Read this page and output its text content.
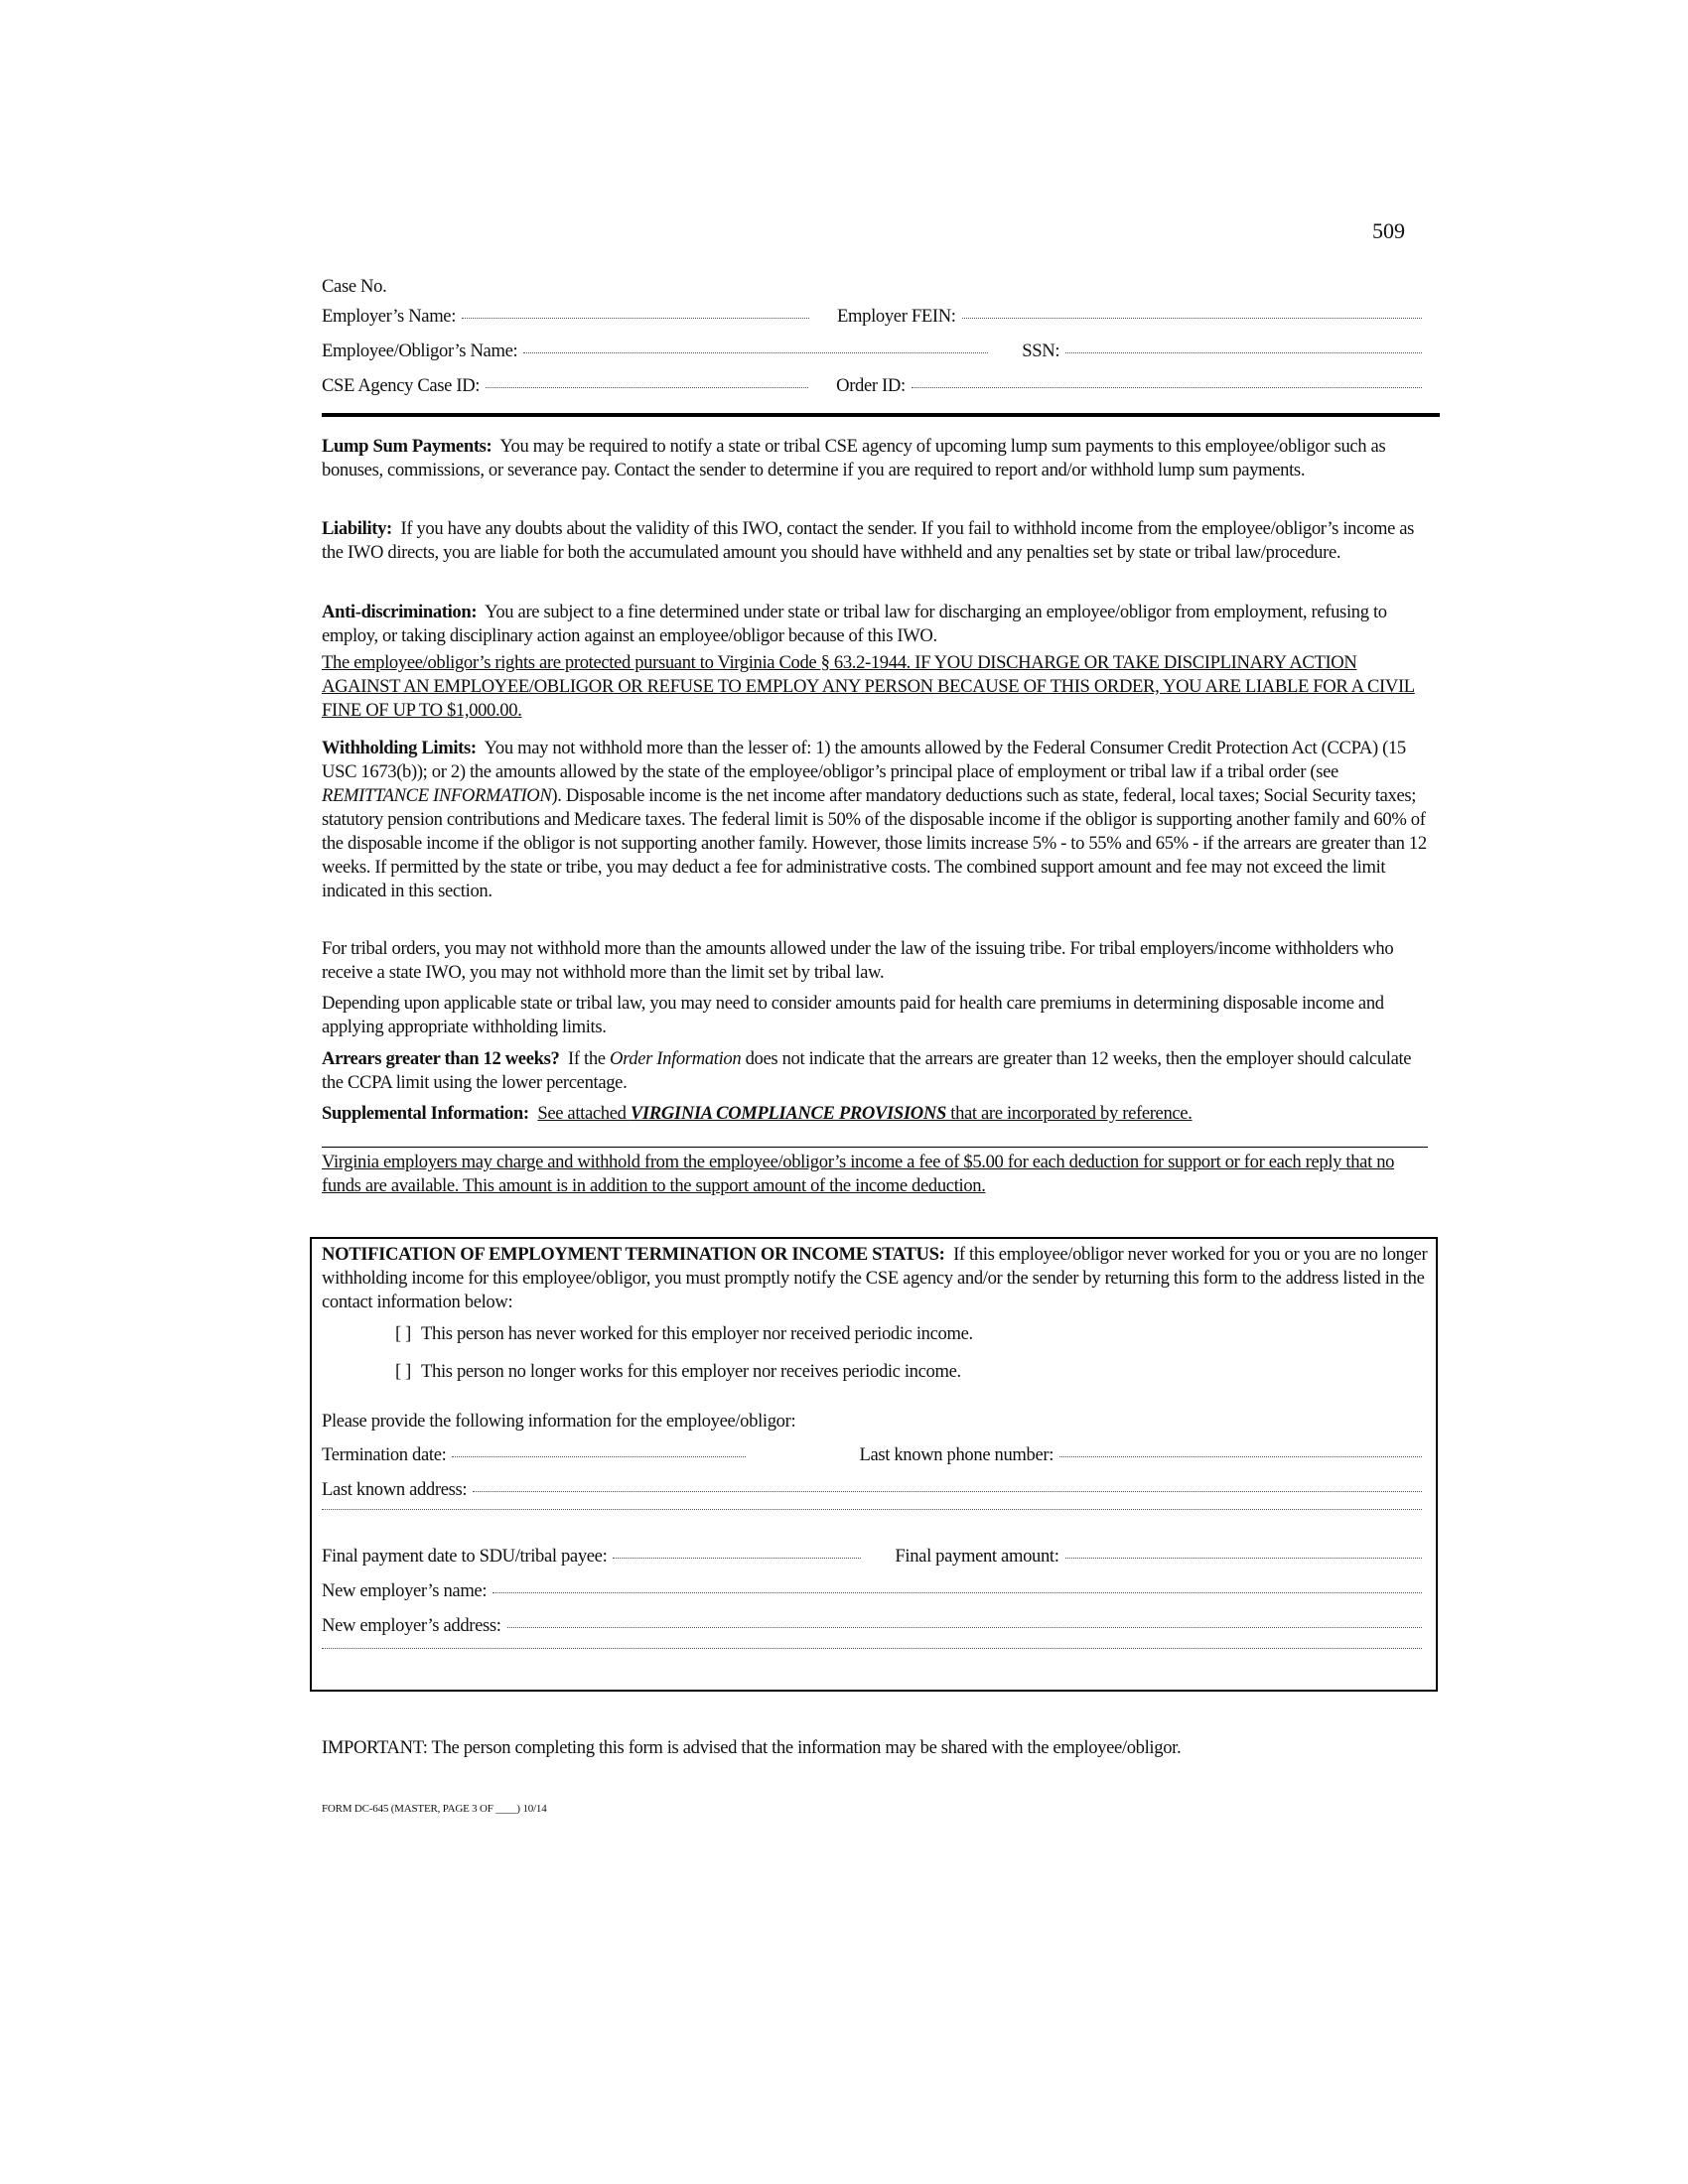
509
Case No.
Employer’s Name:	Employer FEIN:
Employee/Obligor’s Name:	SSN:
CSE Agency Case ID:	Order ID:
Lump Sum Payments: You may be required to notify a state or tribal CSE agency of upcoming lump sum payments to this employee/obligor such as bonuses, commissions, or severance pay. Contact the sender to determine if you are required to report and/or withhold lump sum payments.
Liability: If you have any doubts about the validity of this IWO, contact the sender. If you fail to withhold income from the employee/obligor’s income as the IWO directs, you are liable for both the accumulated amount you should have withheld and any penalties set by state or tribal law/procedure.
Anti-discrimination: You are subject to a fine determined under state or tribal law for discharging an employee/obligor from employment, refusing to employ, or taking disciplinary action against an employee/obligor because of this IWO.
The employee/obligor’s rights are protected pursuant to Virginia Code § 63.2-1944. IF YOU DISCHARGE OR TAKE DISCIPLINARY ACTION AGAINST AN EMPLOYEE/OBLIGOR OR REFUSE TO EMPLOY ANY PERSON BECAUSE OF THIS ORDER, YOU ARE LIABLE FOR A CIVIL FINE OF UP TO $1,000.00.
Withholding Limits: You may not withhold more than the lesser of: 1) the amounts allowed by the Federal Consumer Credit Protection Act (CCPA) (15 USC 1673(b)); or 2) the amounts allowed by the state of the employee/obligor’s principal place of employment or tribal law if a tribal order (see REMITTANCE INFORMATION). Disposable income is the net income after mandatory deductions such as state, federal, local taxes; Social Security taxes; statutory pension contributions and Medicare taxes. The federal limit is 50% of the disposable income if the obligor is supporting another family and 60% of the disposable income if the obligor is not supporting another family. However, those limits increase 5% - to 55% and 65% - if the arrears are greater than 12 weeks. If permitted by the state or tribe, you may deduct a fee for administrative costs. The combined support amount and fee may not exceed the limit indicated in this section.
For tribal orders, you may not withhold more than the amounts allowed under the law of the issuing tribe. For tribal employers/income withholders who receive a state IWO, you may not withhold more than the limit set by tribal law.
Depending upon applicable state or tribal law, you may need to consider amounts paid for health care premiums in determining disposable income and applying appropriate withholding limits.
Arrears greater than 12 weeks? If the Order Information does not indicate that the arrears are greater than 12 weeks, then the employer should calculate the CCPA limit using the lower percentage.
Supplemental Information: See attached VIRGINIA COMPLIANCE PROVISIONS that are incorporated by reference.
Virginia employers may charge and withhold from the employee/obligor’s income a fee of $5.00 for each deduction for support or for each reply that no funds are available. This amount is in addition to the support amount of the income deduction.
NOTIFICATION OF EMPLOYMENT TERMINATION OR INCOME STATUS: If this employee/obligor never worked for you or you are no longer withholding income for this employee/obligor, you must promptly notify the CSE agency and/or the sender by returning this form to the address listed in the contact information below:
[ ] This person has never worked for this employer nor received periodic income.
[ ] This person no longer works for this employer nor receives periodic income.
Please provide the following information for the employee/obligor:
Termination date:	Last known phone number:
Last known address:
Final payment date to SDU/tribal payee:	Final payment amount:
New employer’s name:
New employer’s address:
IMPORTANT: The person completing this form is advised that the information may be shared with the employee/obligor.
FORM DC-645 (MASTER, PAGE 3 OF ____) 10/14
